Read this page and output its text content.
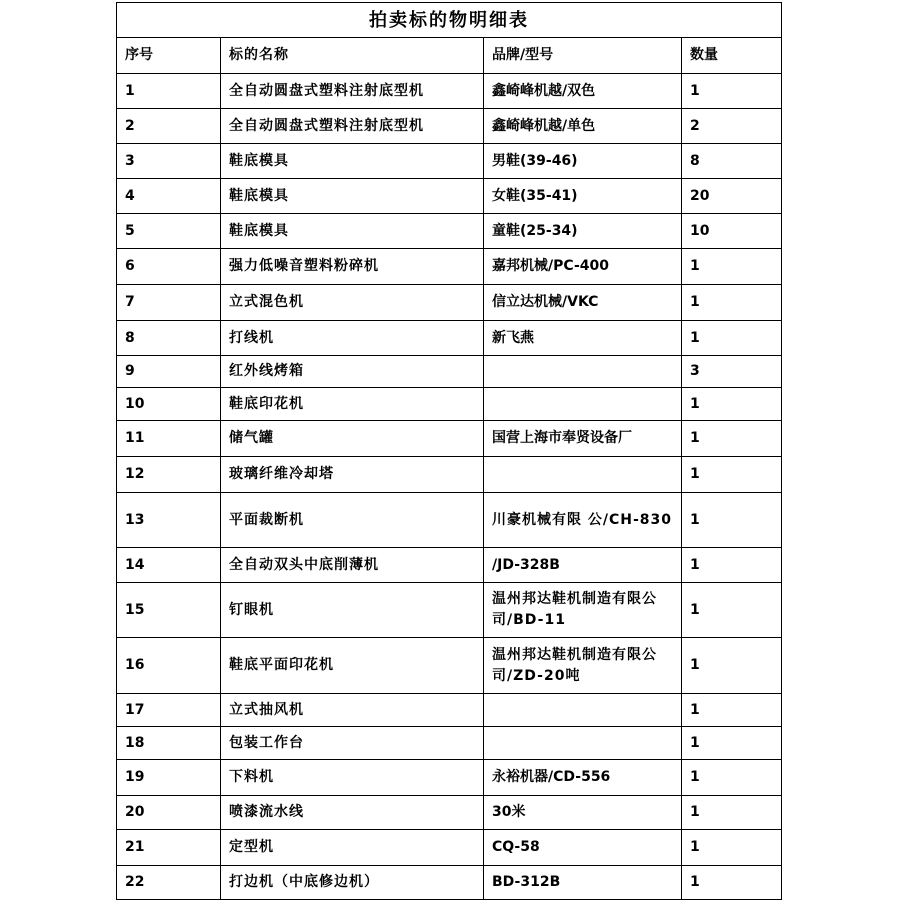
拍卖标的物明细表			
序号	标的名称	品牌/型号	数量
1	全自动圆盘式塑料注射底型机	鑫崎峰机越/双色	1
2	全自动圆盘式塑料注射底型机	鑫崎峰机越/单色	2
3	鞋底模具	男鞋(39-46)	8
4	鞋底模具	女鞋(35-41)	20
5	鞋底模具	童鞋(25-34)	10
6	强力低噪音塑料粉碎机	嘉邦机械/PC-400	1
7	立式混色机	信立达机械/VKC	1
8	打线机	新飞燕	1
9	红外线烤箱		3
10	鞋底印花机		1
11	储气罐	国营上海市奉贤设备厂	1
12	玻璃纤维冷却塔		1
13	平面裁断机	川豪机械有限 公/CH-830	1
14	全自动双头中底削薄机	/JD-328B	1
15	钉眼机	温州邦达鞋机制造有限公司/BD-11	1
16	鞋底平面印花机	温州邦达鞋机制造有限公司/ZD-20吨	1
17	立式抽风机		1
18	包装工作台		1
19	下料机	永裕机器/CD-556	1
20	喷漆流水线	30米	1
21	定型机	CQ-58	1
22	打边机（中底修边机）	BD-312B	1
